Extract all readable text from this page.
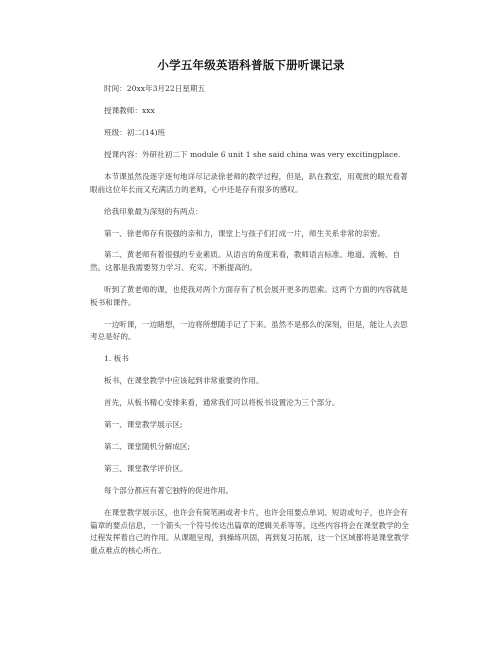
小学五年级英语科普版下册听课记录

时间：20xx年3月22日星期五

授课教师：xxx

班级：初二(14)班

授课内容：外研社初二下 module 6 unit 1 she said china was very excitingplace.

本节课虽然没逐字逐句地详尽记录徐老师的教学过程，但是，趴在教室，用观赏的眼光看著眼前这位年长而又充满活力的老师，心中还是存有很多的感叹。

给我印象最为深刻的有两点：

第一、徐老师存有很强的亲和力，课堂上与孩子们打成一片，师生关系非常的亲密。

第二、黄老师有着很强的专业素质。从语言的角度来看，教师语言标准、地道、流畅、自然。这都是我需要努力学习、充实、不断提高的。

听到了黄老师的课，也使我对两个方面存有了机会展开更多的思索。这两个方面的内容就是板书和课件。

一边听课，一边睹想，一边将所想随手记了下来。虽然不是那么的深刻，但是，能让人去思考总是好的。

1. 板书

板书，在课堂教学中应该起到非常重要的作用。

首先，从板书精心安排来看，通常我们可以将板书设置沦为三个部分。

第一、课堂教学展示区;

第二、课堂随机分解成区;

第三、课堂教学评价区。

每个部分都应有著它独特的促进作用。

在课堂教学展示区，也许会有简笔画或者卡片，也许会用要点单词、短语或句子，也许会有篇章的要点信息，一个箭头一个符号传达出篇章的逻辑关系等等。这些内容将会在课堂教学的全过程发挥着自己的作用。从课题呈现，到操练巩固，再到复习拓展，这一个区域都将是课堂教学重点难点的核心所在。
